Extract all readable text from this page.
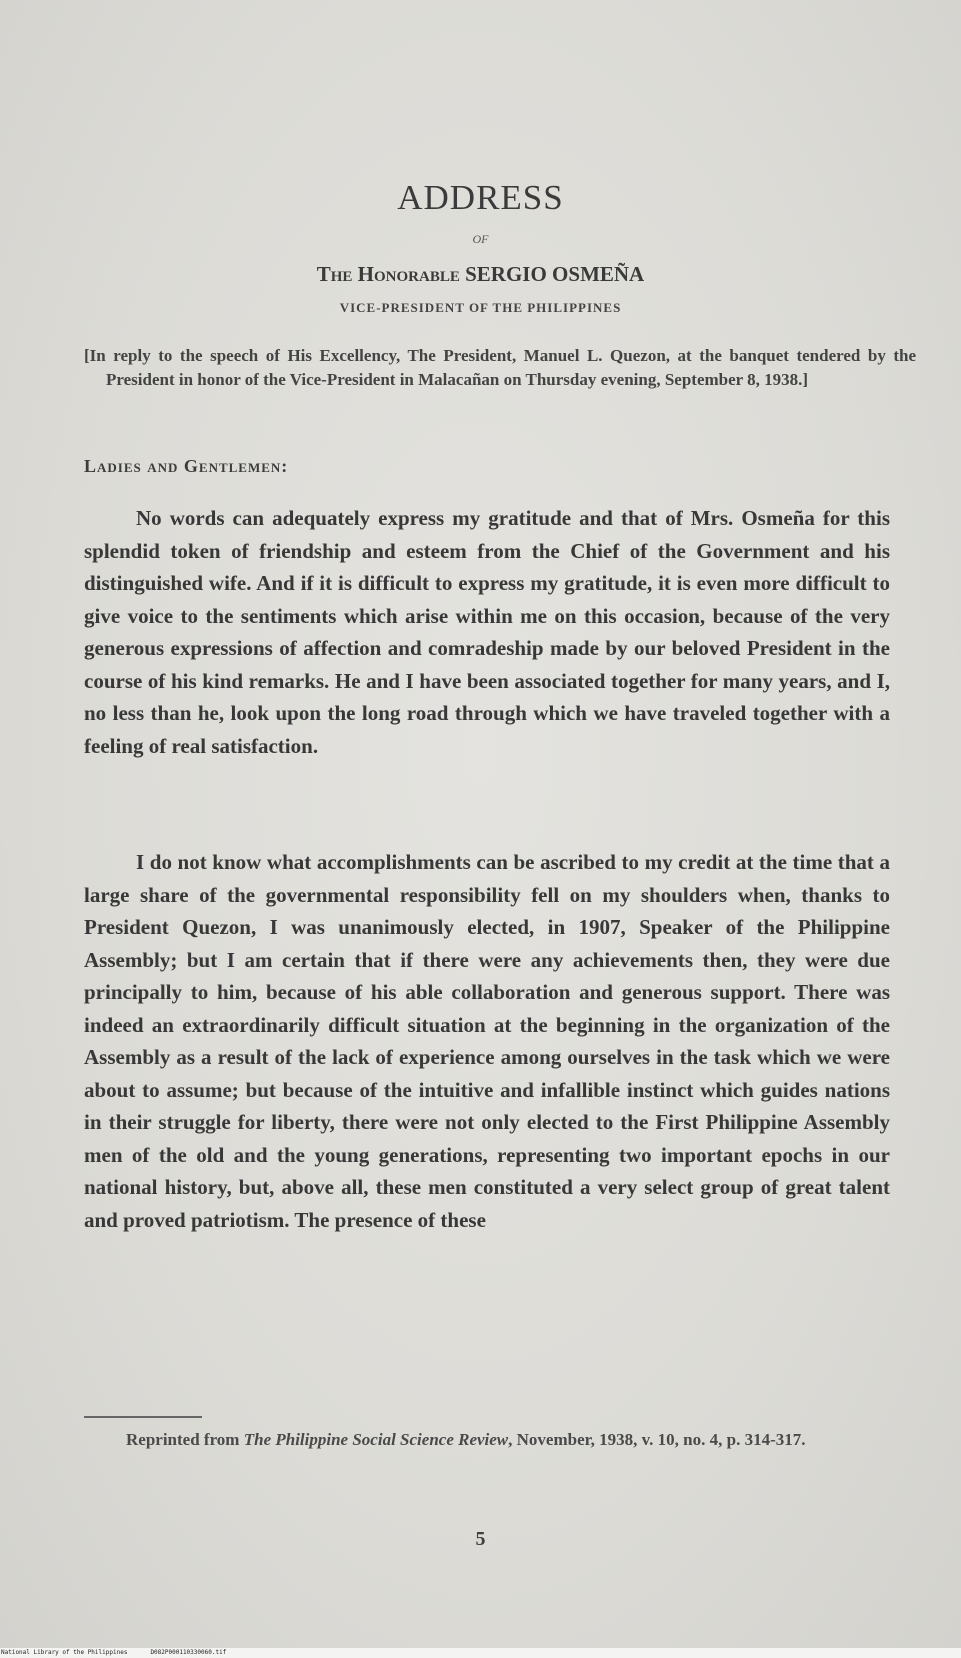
ADDRESS
OF
The Honorable SERGIO OSMEÑA
VICE-PRESIDENT OF THE PHILIPPINES
[In reply to the speech of His Excellency, The President, Manuel L. Quezon, at the banquet tendered by the President in honor of the Vice-President in Malacañan on Thursday evening, September 8, 1938.]
Ladies and Gentlemen:
No words can adequately express my gratitude and that of Mrs. Osmeña for this splendid token of friendship and esteem from the Chief of the Government and his distinguished wife. And if it is difficult to express my gratitude, it is even more difficult to give voice to the sentiments which arise within me on this occasion, because of the very generous expressions of affection and comradeship made by our beloved President in the course of his kind remarks. He and I have been associated together for many years, and I, no less than he, look upon the long road through which we have traveled together with a feeling of real satisfaction.
I do not know what accomplishments can be ascribed to my credit at the time that a large share of the governmental responsibility fell on my shoulders when, thanks to President Quezon, I was unanimously elected, in 1907, Speaker of the Philippine Assembly; but I am certain that if there were any achievements then, they were due principally to him, because of his able collaboration and generous support. There was indeed an extraordinarily difficult situation at the beginning in the organization of the Assembly as a result of the lack of experience among ourselves in the task which we were about to assume; but because of the intuitive and infallible instinct which guides nations in their struggle for liberty, there were not only elected to the First Philippine Assembly men of the old and the young generations, representing two important epochs in our national history, but, above all, these men constituted a very select group of great talent and proved patriotism. The presence of these
Reprinted from The Philippine Social Science Review, November, 1938, v. 10, no. 4, p. 314-317.
5
National Library of the Philippines	D082P000110330060.tif
